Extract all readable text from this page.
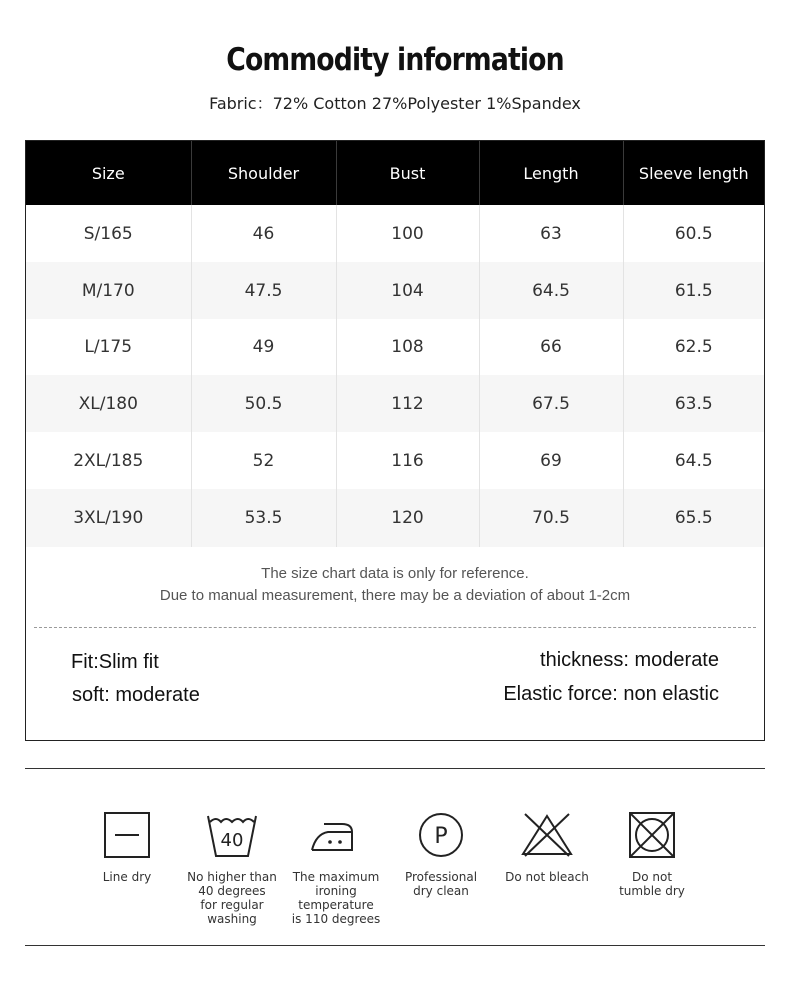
Commodity information
Fabric：72% Cotton 27%Polyester 1%Spandex
Size	Shoulder	Bust	Length	Sleeve length
S/165	46	100	63	60.5
M/170	47.5	104	64.5	61.5
L/175	49	108	66	62.5
XL/180	50.5	112	67.5	63.5
2XL/185	52	116	69	64.5
3XL/190	53.5	120	70.5	65.5
The size chart data is only for reference.
Due to manual measurement, there may be a deviation of about 1-2cm
Fit:Slim fit
soft: moderate
thickness: moderate
Elastic force: non elastic
Line dry
40
No higher than
40 degrees
for regular washing
The maximum
ironing temperature
is 110 degrees
P
Professional
dry clean
Do not bleach	Do not
tumble dry
